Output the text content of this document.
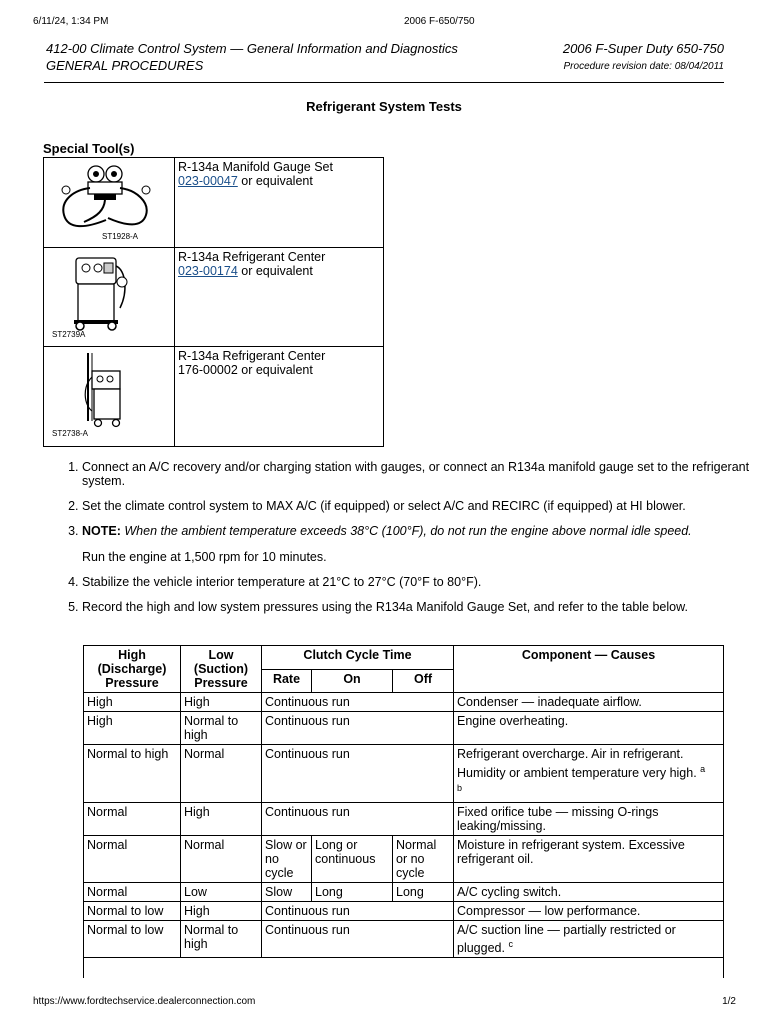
6/11/24, 1:34 PM	2006 F-650/750
412-00 Climate Control System — General Information and Diagnostics	2006 F-Super Duty 650-750
GENERAL PROCEDURES	Procedure revision date: 08/04/2011
Refrigerant System Tests
Special Tool(s)
ST1928-A	R-134a Manifold Gauge Set
023-00047 or equivalent

ST2739A	R-134a Refrigerant Center
023-00174 or equivalent

ST2738-A	R-134a Refrigerant Center
176-00002 or equivalent
1. Connect an A/C recovery and/or charging station with gauges, or connect an R134a manifold gauge set to the refrigerant system.
2. Set the climate control system to MAX A/C (if equipped) or select A/C and RECIRC (if equipped) at HI blower.
3. NOTE: When the ambient temperature exceeds 38°C (100°F), do not run the engine above normal idle speed.
Run the engine at 1,500 rpm for 10 minutes.
4. Stabilize the vehicle interior temperature at 21°C to 27°C (70°F to 80°F).
5. Record the high and low system pressures using the R134a Manifold Gauge Set, and refer to the table below.
High (Discharge) Pressure	Low (Suction) Pressure	Clutch Cycle Time			Component — Causes
		Rate	On	Off	
High	High	Continuous run			Condenser — inadequate airflow.
High	Normal to high	Continuous run			Engine overheating.
Normal to high	Normal	Continuous run			Refrigerant overcharge. Air in refrigerant. Humidity or ambient temperature very high. $^a$
$^b$
Normal	High	Continuous run			Fixed orifice tube — missing O-rings leaking/missing.
Normal	Normal	Slow or no cycle	Long or continuous	Normal or no cycle	Moisture in refrigerant system. Excessive refrigerant oil.
Normal	Low	Slow	Long	Long	A/C cycling switch.
Normal to low	High	Continuous run			Compressor — low performance.
Normal to low	Normal to high	Continuous run			A/C suction line — partially restricted or plugged. $^c$

https://www.fordtechservice.dealerconnection.com	1/2
